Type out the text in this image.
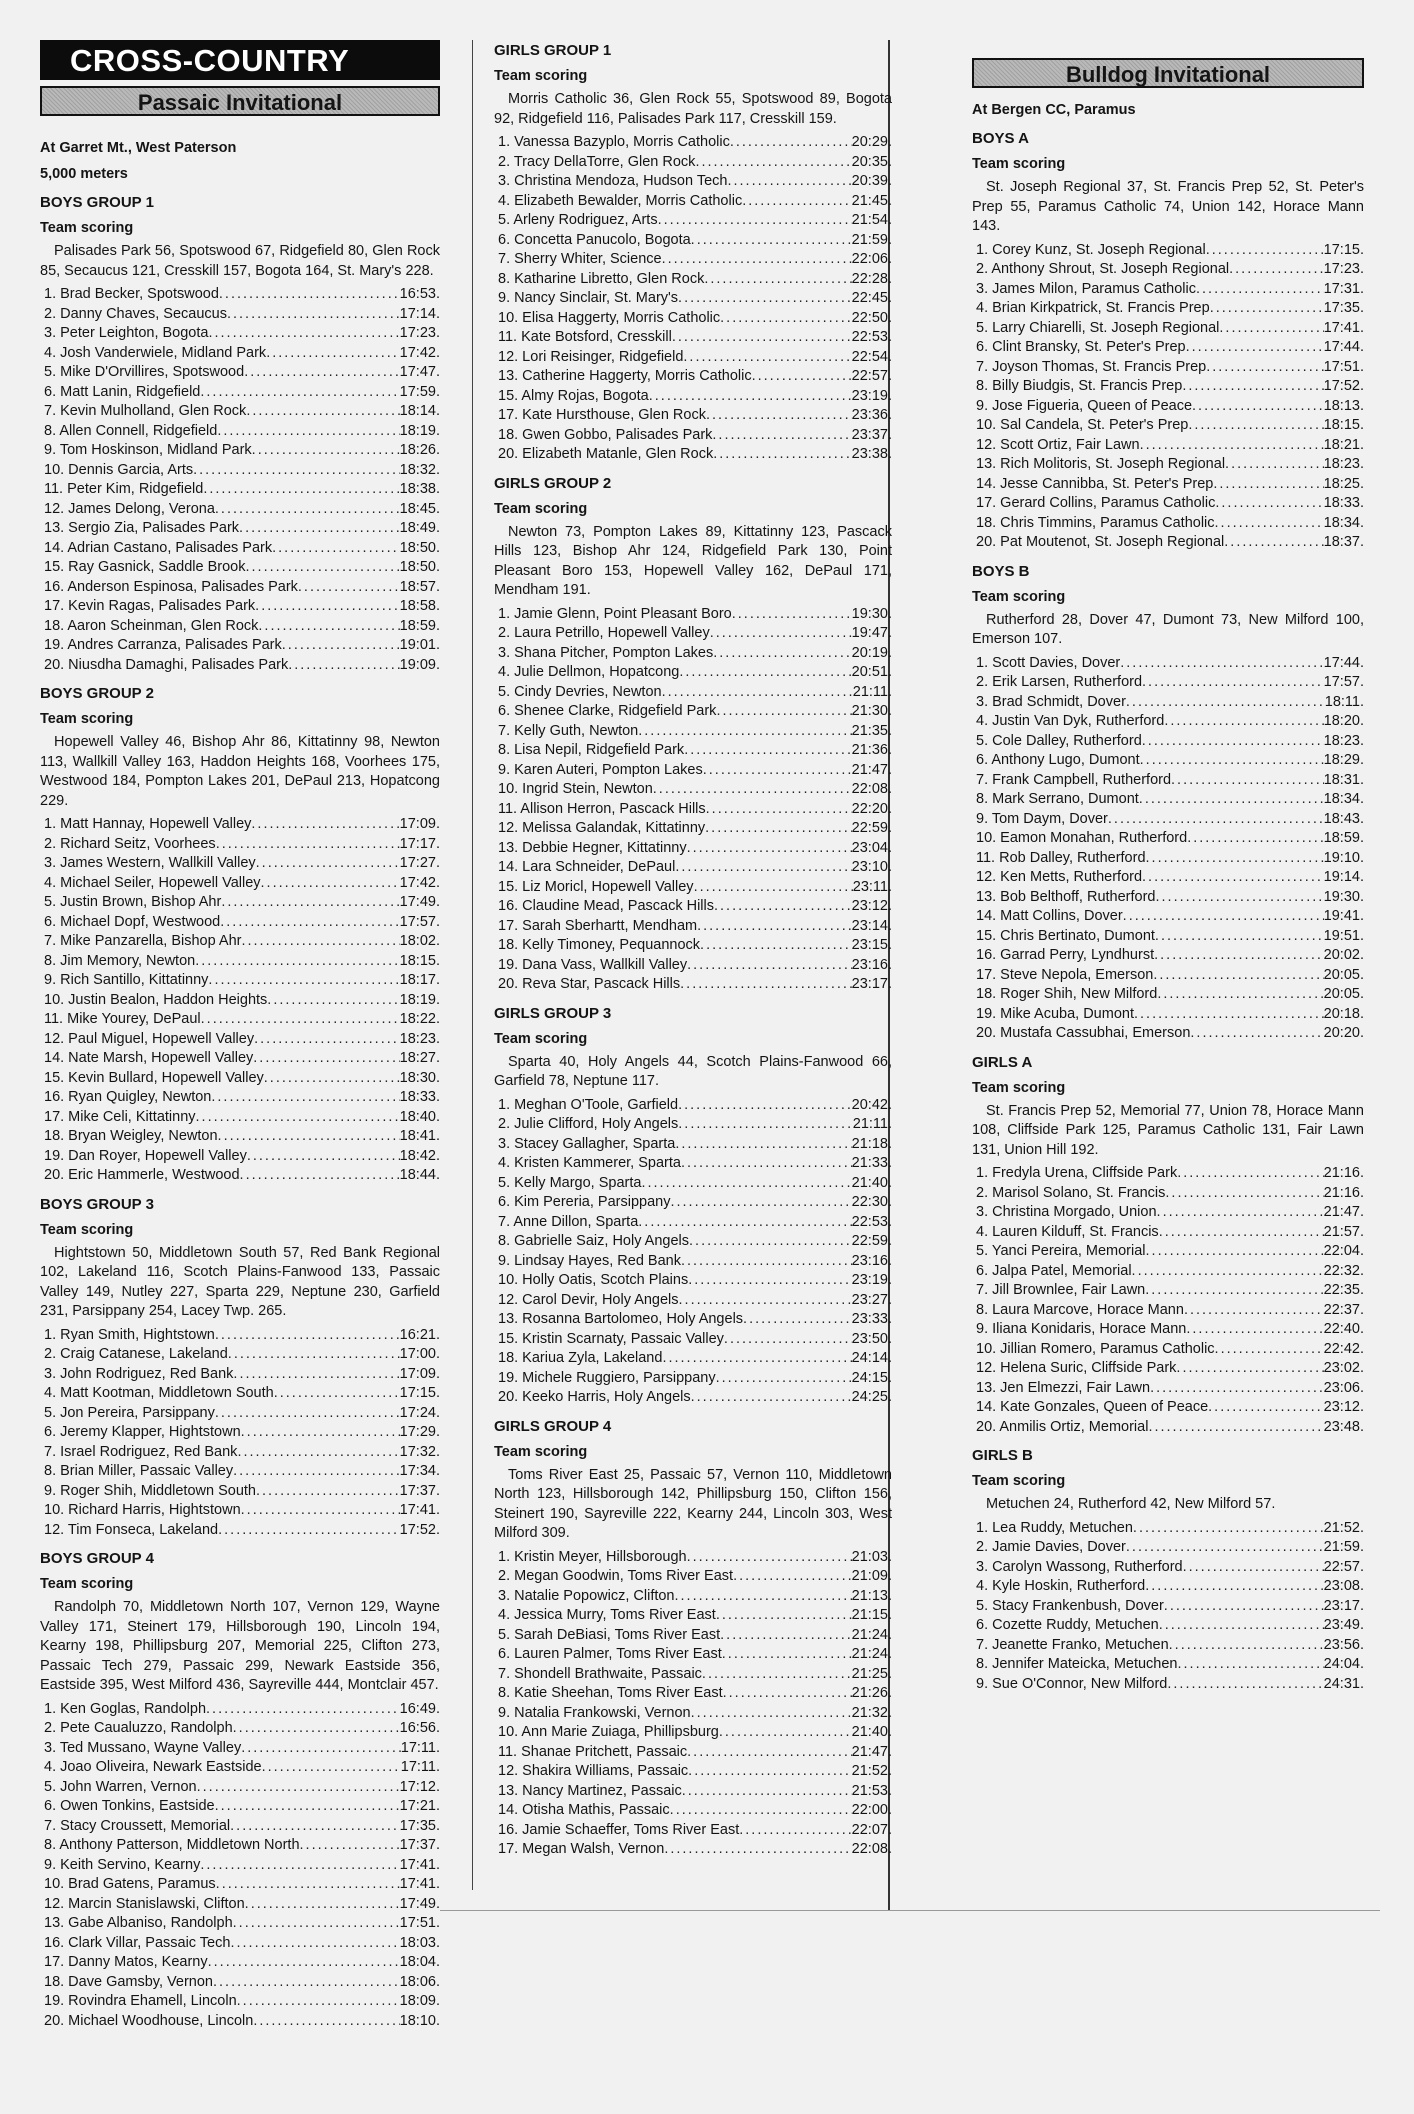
CROSS-COUNTRY
Passaic Invitational
At Garret Mt., West Paterson
5,000 meters
BOYS GROUP 1
Team scoring
Palisades Park 56, Spotswood 67, Ridgefield 80, Glen Rock 85, Secaucus 121, Cresskill 157, Bogota 164, St. Mary's 228.
1. Brad Becker, Spotswood .....	16:53.
2. Danny Chaves, Secaucus .....	17:14.
3. Peter Leighton, Bogota .....	17:23.
4. Josh Vanderwiele, Midland Park .....	17:42.
5. Mike D'Orvillires, Spotswood .....	17:47.
6. Matt Lanin, Ridgefield .....	17:59.
7. Kevin Mulholland, Glen Rock .....	18:14.
8. Allen Connell, Ridgefield .....	18:19.
9. Tom Hoskinson, Midland Park .....	18:26.
10. Dennis Garcia, Arts .....	18:32.
11. Peter Kim, Ridgefield .....	18:38.
12. James Delong, Verona .....	18:45.
13. Sergio Zia, Palisades Park .....	18:49.
14. Adrian Castano, Palisades Park .....	18:50.
15. Ray Gasnick, Saddle Brook .....	18:50.
16. Anderson Espinosa, Palisades Park .....	18:57.
17. Kevin Ragas, Palisades Park .....	18:58.
18. Aaron Scheinman, Glen Rock .....	18:59.
19. Andres Carranza, Palisades Park .....	19:01.
20. Niusdha Damaghi, Palisades Park .....	19:09.
BOYS GROUP 2
Team scoring
Hopewell Valley 46, Bishop Ahr 86, Kittatinny 98, Newton 113, Wallkill Valley 163, Haddon Heights 168, Voorhees 175, Westwood 184, Pompton Lakes 201, DePaul 213, Hopatcong 229.
1. Matt Hannay, Hopewell Valley .....	17:09.
2. Richard Seitz, Voorhees .....	17:17.
3. James Western, Wallkill Valley .....	17:27.
4. Michael Seiler, Hopewell Valley .....	17:42.
5. Justin Brown, Bishop Ahr .....	17:49.
6. Michael Dopf, Westwood .....	17:57.
7. Mike Panzarella, Bishop Ahr .....	18:02.
8. Jim Memory, Newton .....	18:15.
9. Rich Santillo, Kittatinny .....	18:17.
10. Justin Bealon, Haddon Heights .....	18:19.
11. Mike Yourey, DePaul .....	18:22.
12. Paul Miguel, Hopewell Valley .....	18:23.
14. Nate Marsh, Hopewell Valley .....	18:27.
15. Kevin Bullard, Hopewell Valley .....	18:30.
16. Ryan Quigley, Newton .....	18:33.
17. Mike Celi, Kittatinny .....	18:40.
18. Bryan Weigley, Newton .....	18:41.
19. Dan Royer, Hopewell Valley .....	18:42.
20. Eric Hammerle, Westwood .....	18:44.
BOYS GROUP 3
Team scoring
Hightstown 50, Middletown South 57, Red Bank Regional 102, Lakeland 116, Scotch Plains-Fanwood 133, Passaic Valley 149, Nutley 227, Sparta 229, Neptune 230, Garfield 231, Parsippany 254, Lacey Twp. 265.
1. Ryan Smith, Hightstown .....	16:21.
2. Craig Catanese, Lakeland .....	17:00.
3. John Rodriguez, Red Bank .....	17:09.
4. Matt Kootman, Middletown South .....	17:15.
5. Jon Pereira, Parsippany .....	17:24.
6. Jeremy Klapper, Hightstown .....	17:29.
7. Israel Rodriguez, Red Bank .....	17:32.
8. Brian Miller, Passaic Valley .....	17:34.
9. Roger Shih, Middletown South .....	17:37.
10. Richard Harris, Hightstown .....	17:41.
12. Tim Fonseca, Lakeland .....	17:52.
BOYS GROUP 4
Team scoring
Randolph 70, Middletown North 107, Vernon 129, Wayne Valley 171, Steinert 179, Hillsborough 190, Lincoln 194, Kearny 198, Phillipsburg 207, Memorial 225, Clifton 273, Passaic Tech 279, Passaic 299, Newark Eastside 356, Eastside 395, West Milford 436, Sayreville 444, Montclair 457.
1. Ken Goglas, Randolph .....	16:49.
2. Pete Caualuzzo, Randolph .....	16:56.
3. Ted Mussano, Wayne Valley .....	17:11.
4. Joao Oliveira, Newark Eastside .....	17:11.
5. John Warren, Vernon .....	17:12.
6. Owen Tonkins, Eastside .....	17:21.
7. Stacy Croussett, Memorial .....	17:35.
8. Anthony Patterson, Middletown North .....	17:37.
9. Keith Servino, Kearny .....	17:41.
10. Brad Gatens, Paramus .....	17:41.
12. Marcin Stanislawski, Clifton .....	17:49.
13. Gabe Albaniso, Randolph .....	17:51.
16. Clark Villar, Passaic Tech .....	18:03.
17. Danny Matos, Kearny .....	18:04.
18. Dave Gamsby, Vernon .....	18:06.
19. Rovindra Ehamell, Lincoln .....	18:09.
20. Michael Woodhouse, Lincoln .....	18:10.
GIRLS GROUP 1
Team scoring
Morris Catholic 36, Glen Rock 55, Spotswood 89, Bogota 92, Ridgefield 116, Palisades Park 117, Cresskill 159.
1. Vanessa Bazyplo, Morris Catholic .....	20:29.
2. Tracy DellaTorre, Glen Rock .....	20:35.
3. Christina Mendoza, Hudson Tech .....	20:39.
4. Elizabeth Bewalder, Morris Catholic .....	21:45.
5. Arleny Rodriguez, Arts .....	21:54.
6. Concetta Panucolo, Bogota .....	21:59.
7. Sherry Whiter, Science .....	22:06.
8. Katharine Libretto, Glen Rock .....	22:28.
9. Nancy Sinclair, St. Mary's .....	22:45.
10. Elisa Haggerty, Morris Catholic .....	22:50.
11. Kate Botsford, Cresskill .....	22:53.
12. Lori Reisinger, Ridgefield .....	22:54.
13. Catherine Haggerty, Morris Catholic .....	22:57.
15. Almy Rojas, Bogota .....	23:19.
17. Kate Hursthouse, Glen Rock .....	23:36.
18. Gwen Gobbo, Palisades Park .....	23:37.
20. Elizabeth Matanle, Glen Rock .....	23:38.
GIRLS GROUP 2
Team scoring
Newton 73, Pompton Lakes 89, Kittatinny 123, Pascack Hills 123, Bishop Ahr 124, Ridgefield Park 130, Point Pleasant Boro 153, Hopewell Valley 162, DePaul 171, Mendham 191.
1. Jamie Glenn, Point Pleasant Boro .....	19:30.
2. Laura Petrillo, Hopewell Valley .....	19:47.
3. Shana Pitcher, Pompton Lakes .....	20:19.
4. Julie Dellmon, Hopatcong .....	20:51.
5. Cindy Devries, Newton .....	21:11.
6. Shenee Clarke, Ridgefield Park .....	21:30.
7. Kelly Guth, Newton .....	21:35.
8. Lisa Nepil, Ridgefield Park .....	21:36.
9. Karen Auteri, Pompton Lakes .....	21:47.
10. Ingrid Stein, Newton .....	22:08.
11. Allison Herron, Pascack Hills .....	22:20.
12. Melissa Galandak, Kittatinny .....	22:59.
13. Debbie Hegner, Kittatinny .....	23:04.
14. Lara Schneider, DePaul .....	23:10.
15. Liz Moricl, Hopewell Valley .....	23:11.
16. Claudine Mead, Pascack Hills .....	23:12.
17. Sarah Sberhartt, Mendham .....	23:14.
18. Kelly Timoney, Pequannock .....	23:15.
19. Dana Vass, Wallkill Valley .....	23:16.
20. Reva Star, Pascack Hills .....	23:17.
GIRLS GROUP 3
Team scoring
Sparta 40, Holy Angels 44, Scotch Plains-Fanwood 66, Garfield 78, Neptune 117.
1. Meghan O'Toole, Garfield .....	20:42.
2. Julie Clifford, Holy Angels .....	21:11.
3. Stacey Gallagher, Sparta .....	21:18.
4. Kristen Kammerer, Sparta .....	21:33.
5. Kelly Margo, Sparta .....	21:40.
6. Kim Pereria, Parsippany .....	22:30.
7. Anne Dillon, Sparta .....	22:53.
8. Gabrielle Saiz, Holy Angels .....	22:59.
9. Lindsay Hayes, Red Bank .....	23:16.
10. Holly Oatis, Scotch Plains .....	23:19.
12. Carol Devir, Holy Angels .....	23:27.
13. Rosanna Bartolomeo, Holy Angels .....	23:33.
15. Kristin Scarnaty, Passaic Valley .....	23:50.
18. Kariua Zyla, Lakeland .....	24:14.
19. Michele Ruggiero, Parsippany .....	24:15.
20. Keeko Harris, Holy Angels .....	24:25.
GIRLS GROUP 4
Team scoring
Toms River East 25, Passaic 57, Vernon 110, Middletown North 123, Hillsborough 142, Phillipsburg 150, Clifton 156, Steinert 190, Sayreville 222, Kearny 244, Lincoln 303, West Milford 309.
1. Kristin Meyer, Hillsborough .....	21:03.
2. Megan Goodwin, Toms River East .....	21:09.
3. Natalie Popowicz, Clifton .....	21:13.
4. Jessica Murry, Toms River East .....	21:15.
5. Sarah DeBiasi, Toms River East .....	21:24.
6. Lauren Palmer, Toms River East .....	21:24.
7. Shondell Brathwaite, Passaic .....	21:25.
8. Katie Sheehan, Toms River East .....	21:26.
9. Natalia Frankowski, Vernon .....	21:32.
10. Ann Marie Zuiaga, Phillipsburg .....	21:40.
11. Shanae Pritchett, Passaic .....	21:47.
12. Shakira Williams, Passaic .....	21:52.
13. Nancy Martinez, Passaic .....	21:53.
14. Otisha Mathis, Passaic .....	22:00.
16. Jamie Schaeffer, Toms River East .....	22:07.
17. Megan Walsh, Vernon .....	22:08.
Bulldog Invitational
At Bergen CC, Paramus
BOYS A
Team scoring
St. Joseph Regional 37, St. Francis Prep 52, St. Peter's Prep 55, Paramus Catholic 74, Union 142, Horace Mann 143.
1. Corey Kunz, St. Joseph Regional .....	17:15.
2. Anthony Shrout, St. Joseph Regional .....	17:23.
3. James Milon, Paramus Catholic .....	17:31.
4. Brian Kirkpatrick, St. Francis Prep .....	17:35.
5. Larry Chiarelli, St. Joseph Regional .....	17:41.
6. Clint Bransky, St. Peter's Prep .....	17:44.
7. Joyson Thomas, St. Francis Prep .....	17:51.
8. Billy Biudgis, St. Francis Prep .....	17:52.
9. Jose Figueria, Queen of Peace .....	18:13.
10. Sal Candela, St. Peter's Prep .....	18:15.
12. Scott Ortiz, Fair Lawn .....	18:21.
13. Rich Molitoris, St. Joseph Regional .....	18:23.
14. Jesse Cannibba, St. Peter's Prep .....	18:25.
17. Gerard Collins, Paramus Catholic .....	18:33.
18. Chris Timmins, Paramus Catholic .....	18:34.
20. Pat Moutenot, St. Joseph Regional .....	18:37.
BOYS B
Team scoring
Rutherford 28, Dover 47, Dumont 73, New Milford 100, Emerson 107.
1. Scott Davies, Dover .....	17:44.
2. Erik Larsen, Rutherford .....	17:57.
3. Brad Schmidt, Dover .....	18:11.
4. Justin Van Dyk, Rutherford .....	18:20.
5. Cole Dalley, Rutherford .....	18:23.
6. Anthony Lugo, Dumont .....	18:29.
7. Frank Campbell, Rutherford .....	18:31.
8. Mark Serrano, Dumont .....	18:34.
9. Tom Daym, Dover .....	18:43.
10. Eamon Monahan, Rutherford .....	18:59.
11. Rob Dalley, Rutherford .....	19:10.
12. Ken Metts, Rutherford .....	19:14.
13. Bob Belthoff, Rutherford .....	19:30.
14. Matt Collins, Dover .....	19:41.
15. Chris Bertinato, Dumont .....	19:51.
16. Garrad Perry, Lyndhurst .....	20:02.
17. Steve Nepola, Emerson .....	20:05.
18. Roger Shih, New Milford .....	20:05.
19. Mike Acuba, Dumont .....	20:18.
20. Mustafa Cassubhai, Emerson .....	20:20.
GIRLS A
Team scoring
St. Francis Prep 52, Memorial 77, Union 78, Horace Mann 108, Cliffside Park 125, Paramus Catholic 131, Fair Lawn 131, Union Hill 192.
1. Fredyla Urena, Cliffside Park .....	21:16.
2. Marisol Solano, St. Francis .....	21:16.
3. Christina Morgado, Union .....	21:47.
4. Lauren Kilduff, St. Francis .....	21:57.
5. Yanci Pereira, Memorial .....	22:04.
6. Jalpa Patel, Memorial .....	22:32.
7. Jill Brownlee, Fair Lawn .....	22:35.
8. Laura Marcove, Horace Mann .....	22:37.
9. Iliana Konidaris, Horace Mann .....	22:40.
10. Jillian Romero, Paramus Catholic .....	22:42.
12. Helena Suric, Cliffside Park .....	23:02.
13. Jen Elmezzi, Fair Lawn .....	23:06.
14. Kate Gonzales, Queen of Peace .....	23:12.
20. Anmilis Ortiz, Memorial .....	23:48.
GIRLS B
Team scoring
Metuchen 24, Rutherford 42, New Milford 57.
1. Lea Ruddy, Metuchen .....	21:52.
2. Jamie Davies, Dover .....	21:59.
3. Carolyn Wassong, Rutherford .....	22:57.
4. Kyle Hoskin, Rutherford .....	23:08.
5. Stacy Frankenbush, Dover .....	23:17.
6. Cozette Ruddy, Metuchen .....	23:49.
7. Jeanette Franko, Metuchen .....	23:56.
8. Jennifer Mateicka, Metuchen .....	24:04.
9. Sue O'Connor, New Milford .....	24:31.
